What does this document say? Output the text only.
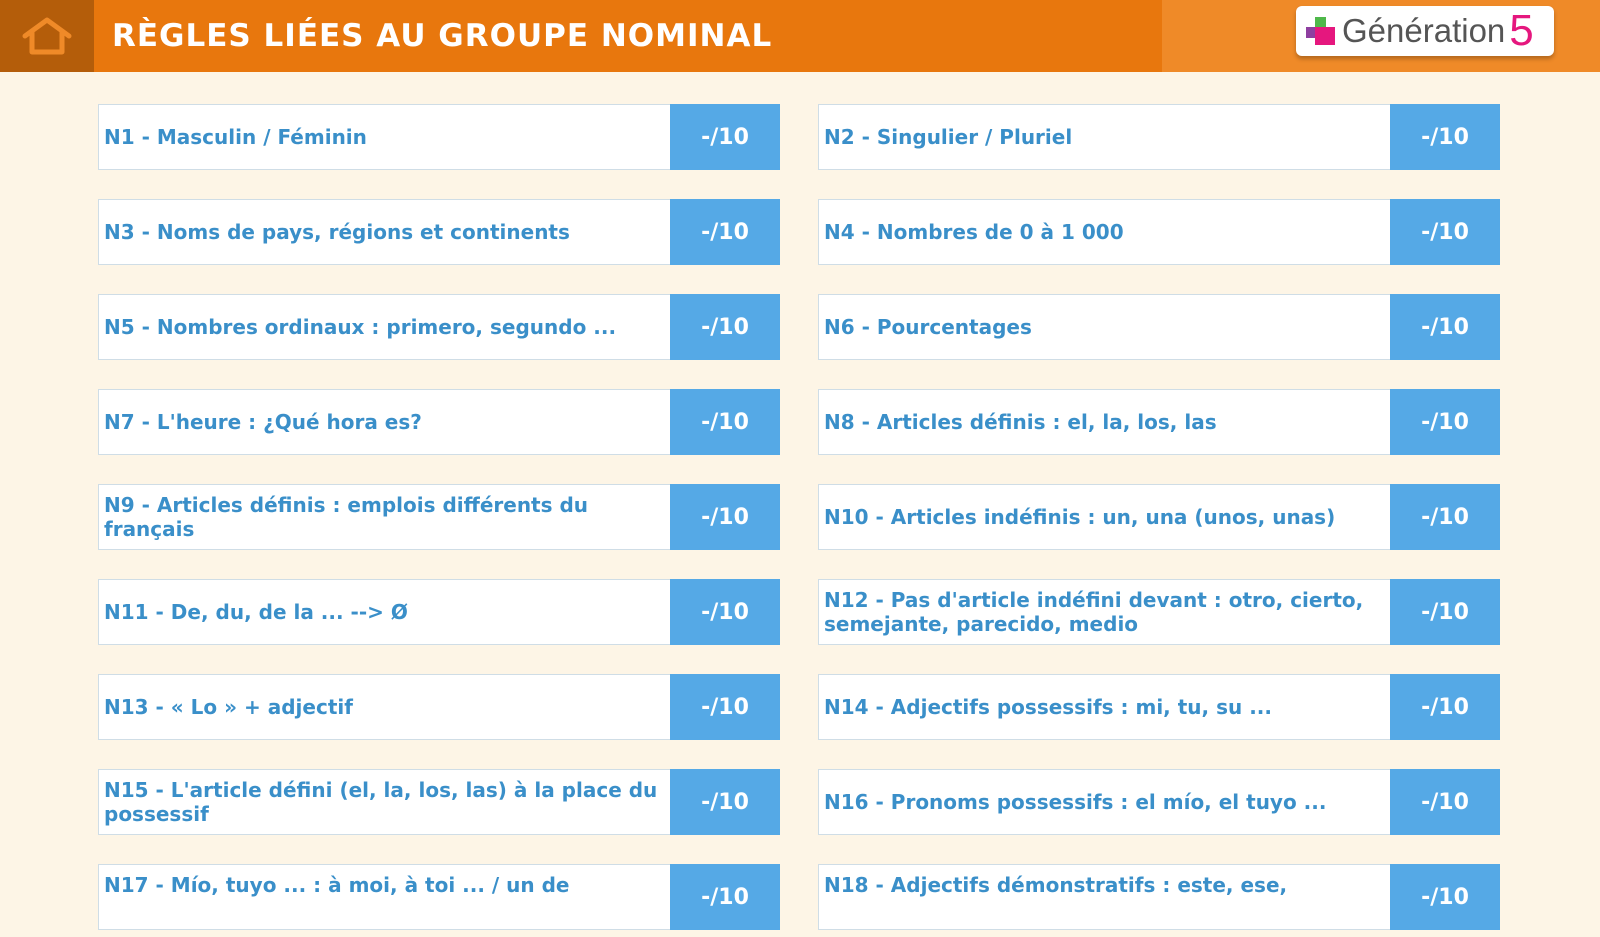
RÈGLES LIÉES AU GROUPE NOMINAL	Génération 5
N1 - Masculin / Féminin	-/10	N2 - Singulier / Pluriel	-/10
N3 - Noms de pays, régions et continents	-/10	N4 - Nombres de 0 à 1 000	-/10
N5 - Nombres ordinaux : primero, segundo ...	-/10	N6 - Pourcentages	-/10
N7 - L'heure : ¿Qué hora es?	-/10	N8 - Articles définis : el, la, los, las	-/10
N9 - Articles définis : emplois différents du français	-/10	N10 - Articles indéfinis : un, una (unos, unas)	-/10
N11 - De, du, de la ... --> Ø	-/10	N12 - Pas d'article indéfini devant : otro, cierto, semejante, parecido, medio	-/10
N13 - « Lo » + adjectif	-/10	N14 - Adjectifs possessifs : mi, tu, su ...	-/10
N15 - L'article défini (el, la, los, las) à la place du possessif	-/10	N16 - Pronoms possessifs : el mío, el tuyo ...	-/10
N17 - Mío, tuyo ... : à moi, à toi ... / un de	-/10	N18 - Adjectifs démonstratifs : este, ese,	-/10
